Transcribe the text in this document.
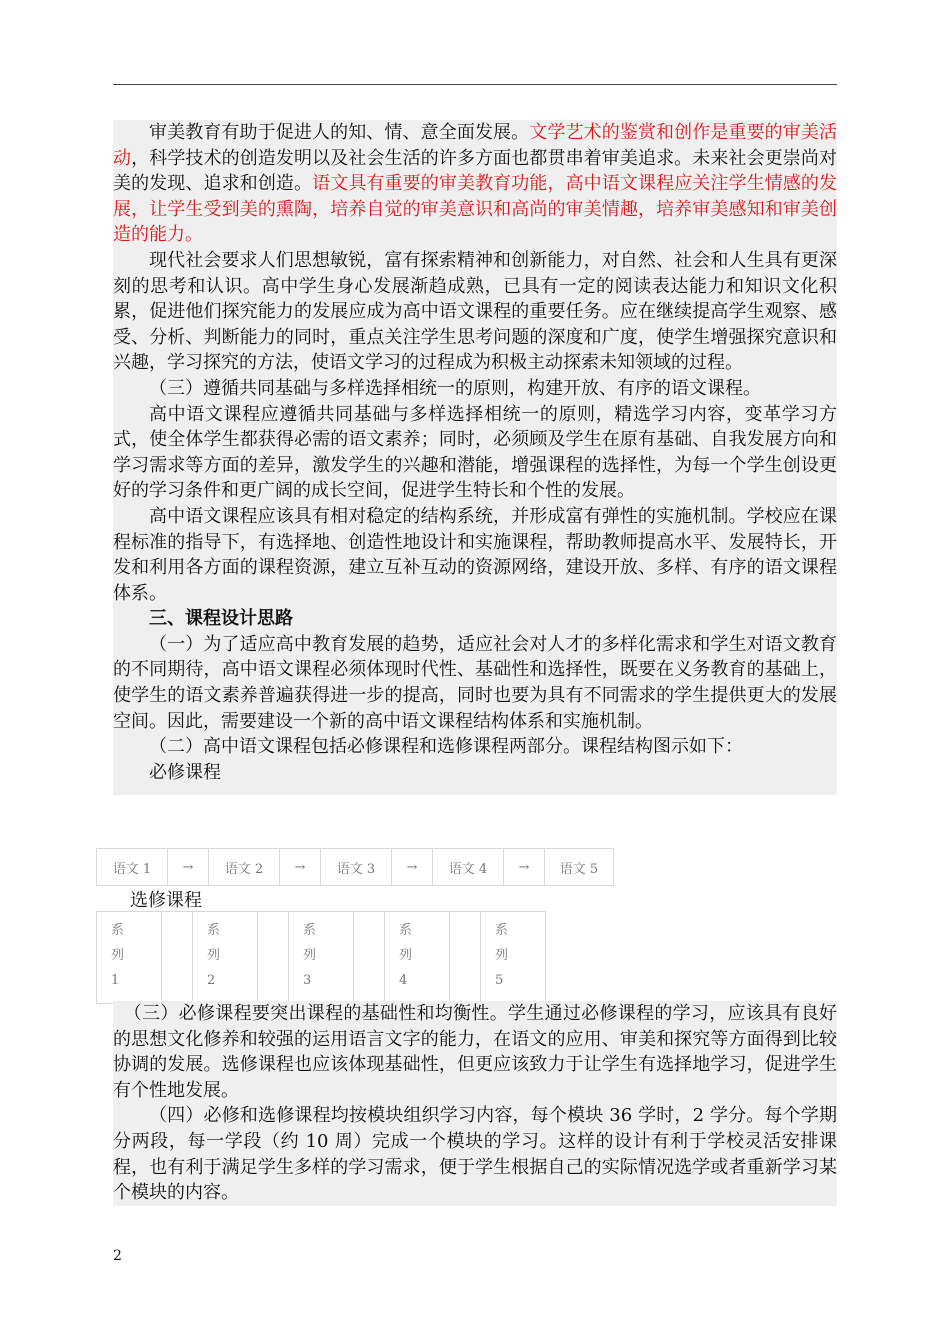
审美教育有助于促进人的知、情、意全面发展。文学艺术的鉴赏和创作是重要的审美活动，科学技术的创造发明以及社会生活的许多方面也都贯串着审美追求。未来社会更崇尚对美的发现、追求和创造。语文具有重要的审美教育功能，高中语文课程应关注学生情感的发展，让学生受到美的熏陶，培养自觉的审美意识和高尚的审美情趣，培养审美感知和审美创造的能力。

现代社会要求人们思想敏锐，富有探索精神和创新能力，对自然、社会和人生具有更深刻的思考和认识。高中学生身心发展渐趋成熟，已具有一定的阅读表达能力和知识文化积累，促进他们探究能力的发展应成为高中语文课程的重要任务。应在继续提高学生观察、感受、分析、判断能力的同时，重点关注学生思考问题的深度和广度，使学生增强探究意识和兴趣，学习探究的方法，使语文学习的过程成为积极主动探索未知领域的过程。

（三）遵循共同基础与多样选择相统一的原则，构建开放、有序的语文课程。

高中语文课程应遵循共同基础与多样选择相统一的原则，精选学习内容，变革学习方式，使全体学生都获得必需的语文素养；同时，必须顾及学生在原有基础、自我发展方向和学习需求等方面的差异，激发学生的兴趣和潜能，增强课程的选择性，为每一个学生创设更好的学习条件和更广阔的成长空间，促进学生特长和个性的发展。

高中语文课程应该具有相对稳定的结构系统，并形成富有弹性的实施机制。学校应在课程标准的指导下，有选择地、创造性地设计和实施课程，帮助教师提高水平、发展特长，开发和利用各方面的课程资源，建立互补互动的资源网络，建设开放、多样、有序的语文课程体系。

三、课程设计思路

（一）为了适应高中教育发展的趋势，适应社会对人才的多样化需求和学生对语文教育的不同期待，高中语文课程必须体现时代性、基础性和选择性，既要在义务教育的基础上，使学生的语文素养普遍获得进一步的提高，同时也要为具有不同需求的学生提供更大的发展空间。因此，需要建设一个新的高中语文课程结构体系和实施机制。

（二）高中语文课程包括必修课程和选修课程两部分。课程结构图示如下：

必修课程
语文 1	→	语文 2	→	语文 3	→	语文 4	→	语文 5
选修课程
系
列
1

系
列
2

系
列
3

系
列
4

系
列
5

（三）必修课程要突出课程的基础性和均衡性。学生通过必修课程的学习，应该具有良好的思想文化修养和较强的运用语言文字的能力，在语文的应用、审美和探究等方面得到比较协调的发展。选修课程也应该体现基础性，但更应该致力于让学生有选择地学习，促进学生有个性地发展。

（四）必修和选修课程均按模块组织学习内容，每个模块 36 学时，2 学分。每个学期分两段，每一学段（约 10 周）完成一个模块的学习。这样的设计有利于学校灵活安排课程，也有利于满足学生多样的学习需求，便于学生根据自己的实际情况选学或者重新学习某个模块的内容。

2
